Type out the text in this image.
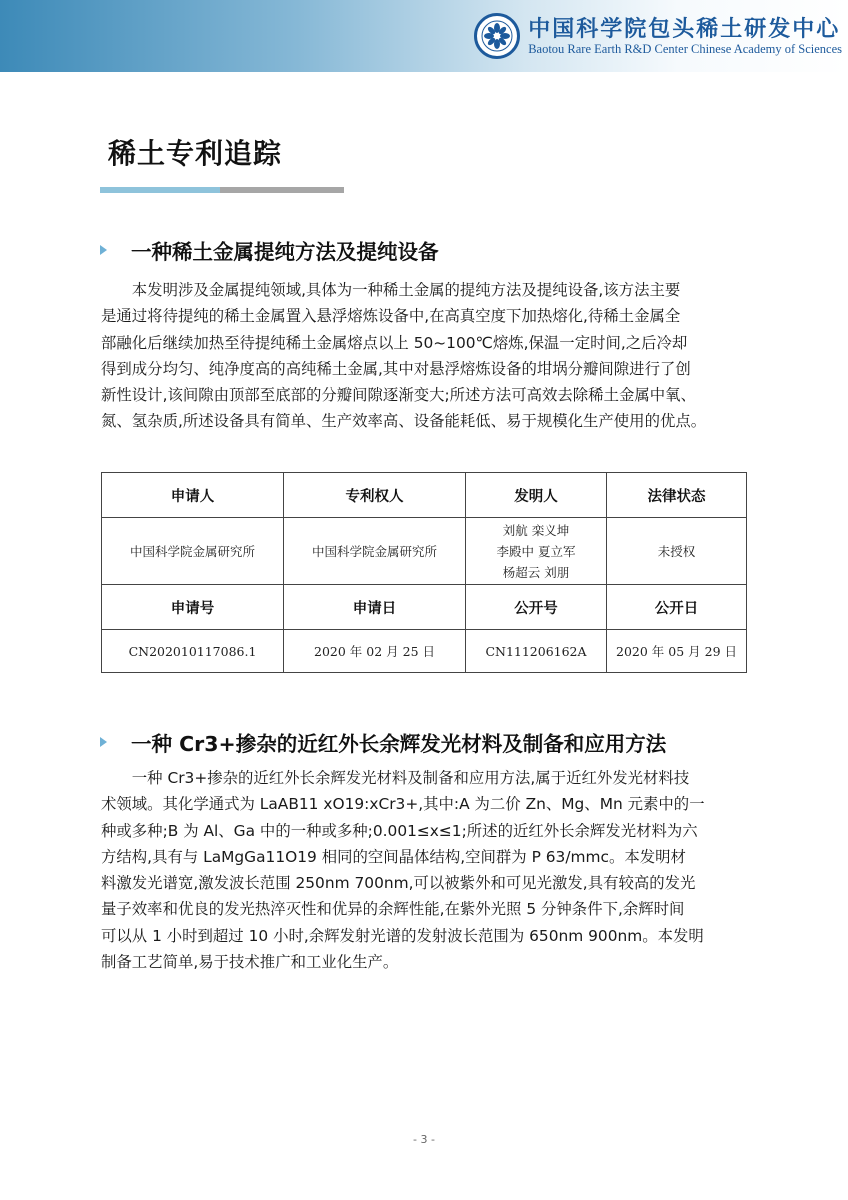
中国科学院包头稀土研发中心
Baotou Rare Earth R&D Center Chinese Academy of Sciences
稀土专利追踪
一种稀土金属提纯方法及提纯设备

　　本发明涉及金属提纯领域,具体为一种稀土金属的提纯方法及提纯设备,该方法主要

是通过将待提纯的稀土金属置入悬浮熔炼设备中,在高真空度下加热熔化,待稀土金属全

部融化后继续加热至待提纯稀土金属熔点以上 50~100℃熔炼,保温一定时间,之后冷却

得到成分均匀、纯净度高的高纯稀土金属,其中对悬浮熔炼设备的坩埚分瓣间隙进行了创

新性设计,该间隙由顶部至底部的分瓣间隙逐渐变大;所述方法可高效去除稀土金属中氧、

氮、氢杂质,所述设备具有简单、生产效率高、设备能耗低、易于规模化生产使用的优点。

申请人	专利权人	发明人	法律状态
中国科学院金属研究所	中国科学院金属研究所	刘航 栾义坤
李殿中 夏立军
杨超云 刘朋	未授权
申请号	申请日	公开号	公开日
CN202010117086.1	2020 年 02 月 25 日	CN111206162A	2020 年 05 月 29 日
一种 Cr3+掺杂的近红外长余辉发光材料及制备和应用方法

　　一种 Cr3+掺杂的近红外长余辉发光材料及制备和应用方法,属于近红外发光材料技

术领域。其化学通式为 LaAB11 xO19:xCr3+,其中:A 为二价 Zn、Mg、Mn 元素中的一

种或多种;B 为 Al、Ga 中的一种或多种;0.001≤x≤1;所述的近红外长余辉发光材料为六

方结构,具有与 LaMgGa11O19 相同的空间晶体结构,空间群为 P 63/mmc。本发明材

料激发光谱宽,激发波长范围 250nm 700nm,可以被紫外和可见光激发,具有较高的发光

量子效率和优良的发光热淬灭性和优异的余辉性能,在紫外光照 5 分钟条件下,余辉时间

可以从 1 小时到超过 10 小时,余辉发射光谱的发射波长范围为 650nm 900nm。本发明

制备工艺简单,易于技术推广和工业化生产。

- 3 -
